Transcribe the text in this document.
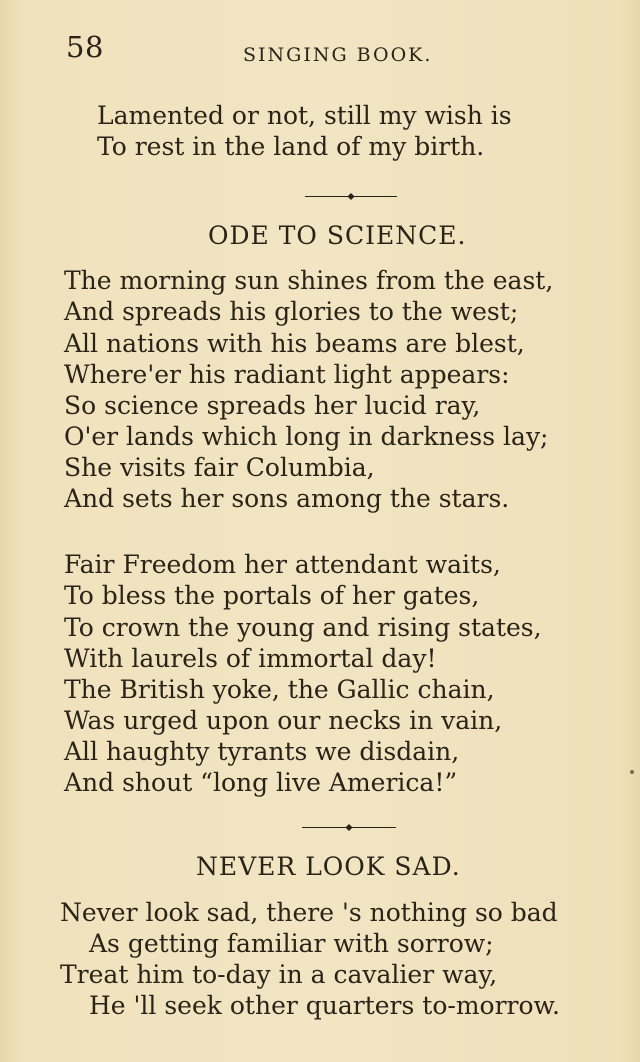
58	SINGING BOOK.
Lamented or not, still my wish is
To rest in the land of my birth.
ODE TO SCIENCE.
The morning sun shines from the east,
And spreads his glories to the west;
All nations with his beams are blest,
Where'er his radiant light appears:
So science spreads her lucid ray,
O'er lands which long in darkness lay;
She visits fair Columbia,
And sets her sons among the stars.
Fair Freedom her attendant waits,
To bless the portals of her gates,
To crown the young and rising states,
With laurels of immortal day!
The British yoke, the Gallic chain,
Was urged upon our necks in vain,
All haughty tyrants we disdain,
And shout “long live America!”
NEVER LOOK SAD.
Never look sad, there 's nothing so bad
As getting familiar with sorrow;
Treat him to-day in a cavalier way,
He 'll seek other quarters to-morrow.
